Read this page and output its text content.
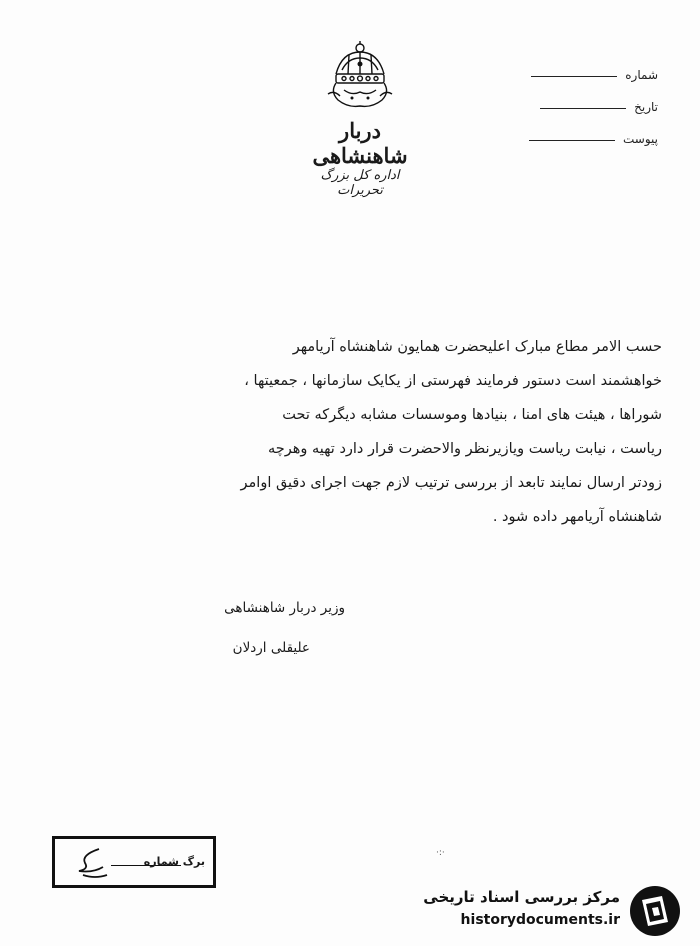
دربار شاهنشاهی
اداره کل بزرگ تحریرات
شماره
تاریخ
پیوست
حسب الامر مطاع مبارک اعلیحضرت همایون شاهنشاه آریامهر
خواهشمند است دستور فرمایند فهرستی از یکایک سازمانها ، جمعیتها ،
شوراها ، هیئت های امنا ، بنیادها وموسسات مشابه دیگرکه تحت
ریاست ، نیابت ریاست ویازیرنظر والاحضرت قرار دارد تهیه وهرچه
زودتر ارسال نمایند تابعد از بررسی ترتیب لازم جهت اجرای دقیق اوامر
شاهنشاه آریامهر داده شود .
وزیر دربار شاهنشاهی
علیقلی اردلان
برگ شماره
·:·
مرکز بررسی اسناد تاریخی
historydocuments.ir
